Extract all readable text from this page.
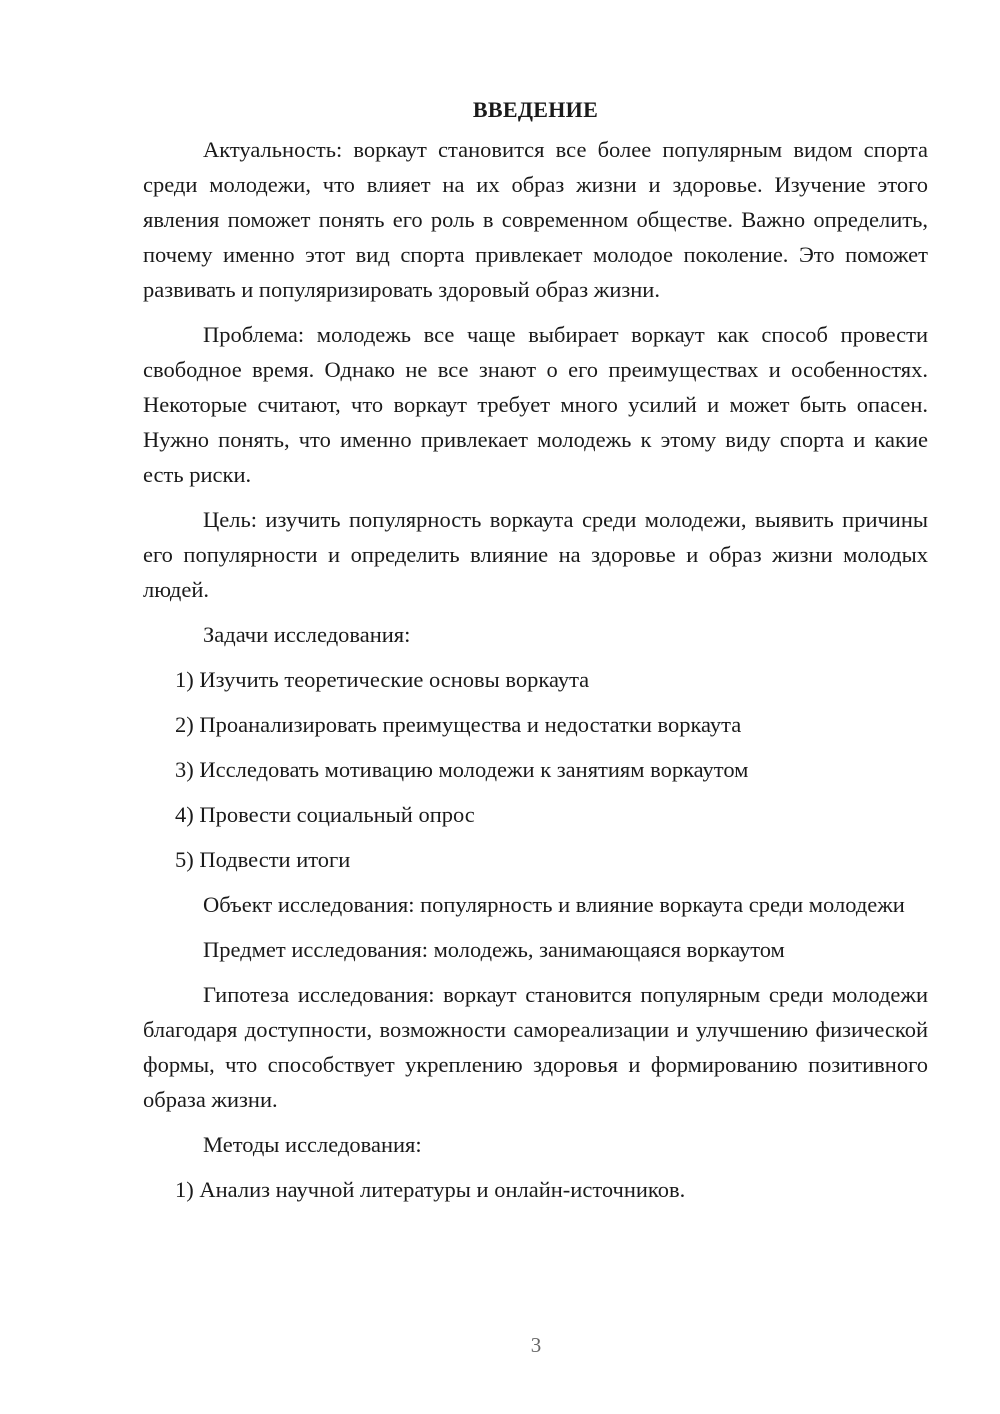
ВВЕДЕНИЕ

Актуальность: воркаут становится все более популярным видом спорта среди молодежи, что влияет на их образ жизни и здоровье. Изучение этого явления поможет понять его роль в современном обществе. Важно определить, почему именно этот вид спорта привлекает молодое поколение. Это поможет развивать и популяризировать здоровый образ жизни.

Проблема: молодежь все чаще выбирает воркаут как способ провести свободное время. Однако не все знают о его преимуществах и особенностях. Некоторые считают, что воркаут требует много усилий и может быть опасен. Нужно понять, что именно привлекает молодежь к этому виду спорта и какие есть риски.

Цель: изучить популярность воркаута среди молодежи, выявить причины его популярности и определить влияние на здоровье и образ жизни молодых людей.

Задачи исследования:

1) Изучить теоретические основы воркаута
2) Проанализировать преимущества и недостатки воркаута
3) Исследовать мотивацию молодежи к занятиям воркаутом
4) Провести социальный опрос
5) Подвести итоги

Объект исследования: популярность и влияние воркаута среди молодежи

Предмет исследования: молодежь, занимающаяся воркаутом

Гипотеза исследования: воркаут становится популярным среди молодежи благодаря доступности, возможности самореализации и улучшению физической формы, что способствует укреплению здоровья и формированию позитивного образа жизни.

Методы исследования:

1) Анализ научной литературы и онлайн-источников.
3
